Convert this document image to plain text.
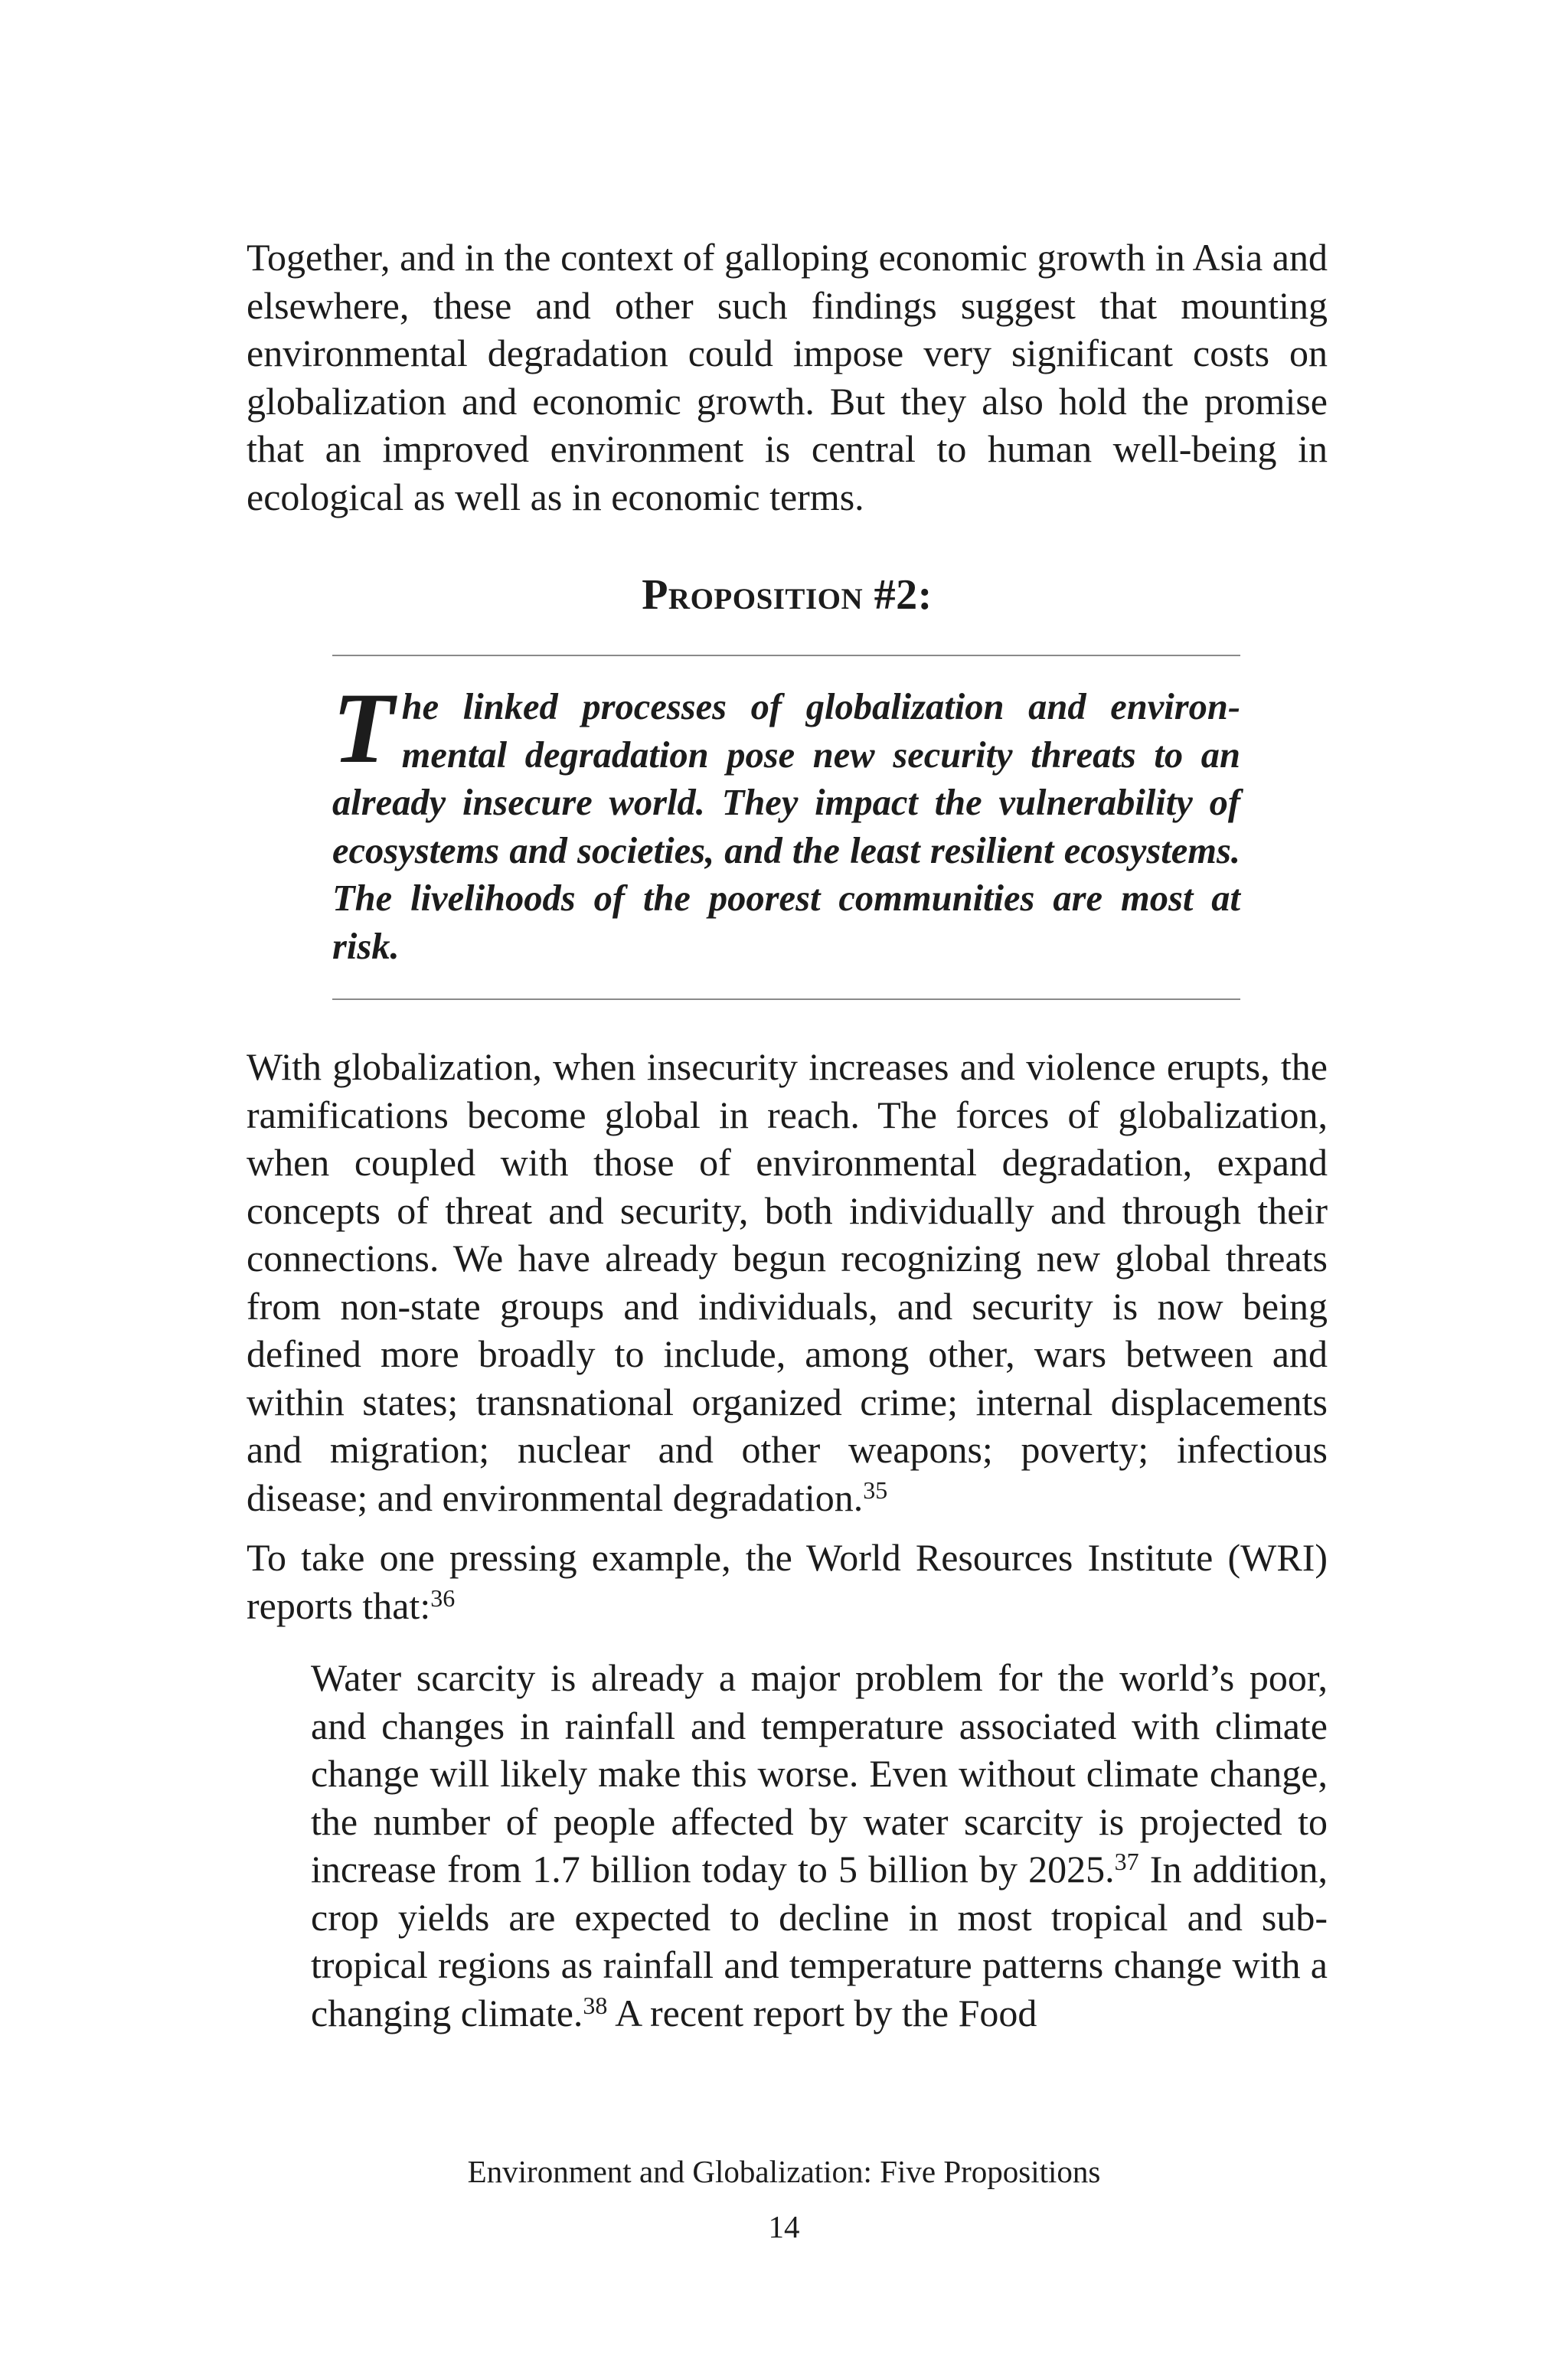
Together, and in the context of galloping economic growth in Asia and elsewhere, these and other such findings suggest that mounting environmental degradation could impose very significant costs on globalization and economic growth. But they also hold the promise that an improved environment is central to human well-being in ecological as well as in economic terms.

Proposition #2:

The linked processes of globalization and environmental degradation pose new security threats to an already insecure world. They impact the vulnerability of ecosystems and societies, and the least resilient ecosystems. The livelihoods of the poorest communities are most at risk.

With globalization, when insecurity increases and violence erupts, the ramifications become global in reach. The forces of globalization, when coupled with those of environmental degradation, expand concepts of threat and security, both individually and through their connections. We have already begun recognizing new global threats from non-state groups and individuals, and security is now being defined more broadly to include, among other, wars between and within states; transnational organized crime; internal displacements and migration; nuclear and other weapons; poverty; infectious disease; and environmental degradation.$^{35}$

To take one pressing example, the World Resources Institute (WRI) reports that:$^{36}$

Water scarcity is already a major problem for the world’s poor, and changes in rainfall and temperature associated with climate change will likely make this worse. Even without climate change, the number of people affected by water scarcity is projected to increase from 1.7 billion today to 5 billion by 2025.37 In addition, crop yields are expected to decline in most tropical and sub-tropical regions as rainfall and temperature patterns change with a changing climate.$^{38}$ A recent report by the Food

Environment and Globalization: Five Propositions

14
